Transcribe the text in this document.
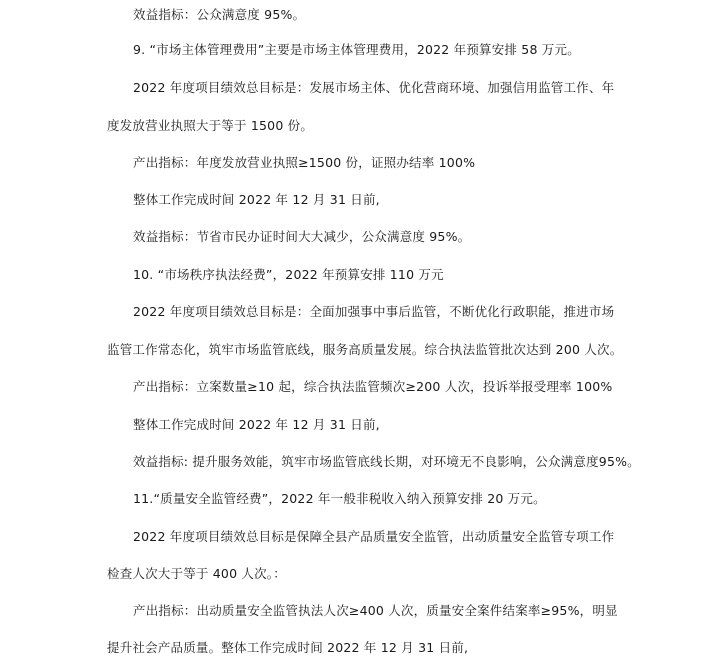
效益指标：公众满意度 95%。
9. “市场主体管理费用”主要是市场主体管理费用，2022 年预算安排 58 万元。
2022 年度项目绩效总目标是：发展市场主体、优化营商环境、加强信用监管工作、年
度发放营业执照大于等于 1500 份。
产出指标：年度发放营业执照≥1500 份，证照办结率 100%
整体工作完成时间 2022 年 12 月 31 日前,
效益指标：节省市民办证时间大大减少，公众满意度 95%。
10. “市场秩序执法经费”，2022 年预算安排 110 万元
2022 年度项目绩效总目标是：全面加强事中事后监管，不断优化行政职能，推进市场
监管工作常态化，筑牢市场监管底线，服务高质量发展。综合执法监管批次达到 200 人次。
产出指标：立案数量≥10 起，综合执法监管频次≥200 人次，投诉举报受理率 100%
整体工作完成时间 2022 年 12 月 31 日前,
效益指标: 提升服务效能，筑牢市场监管底线长期，对环境无不良影响，公众满意度95%。
11.“质量安全监管经费”，2022 年一般非税收入纳入预算安排 20 万元。
2022 年度项目绩效总目标是保障全县产品质量安全监管，出动质量安全监管专项工作
检查人次大于等于 400 人次。：
产出指标：出动质量安全监管执法人次≥400 人次，质量安全案件结案率≥95%，明显
提升社会产品质量。整体工作完成时间 2022 年 12 月 31 日前,
